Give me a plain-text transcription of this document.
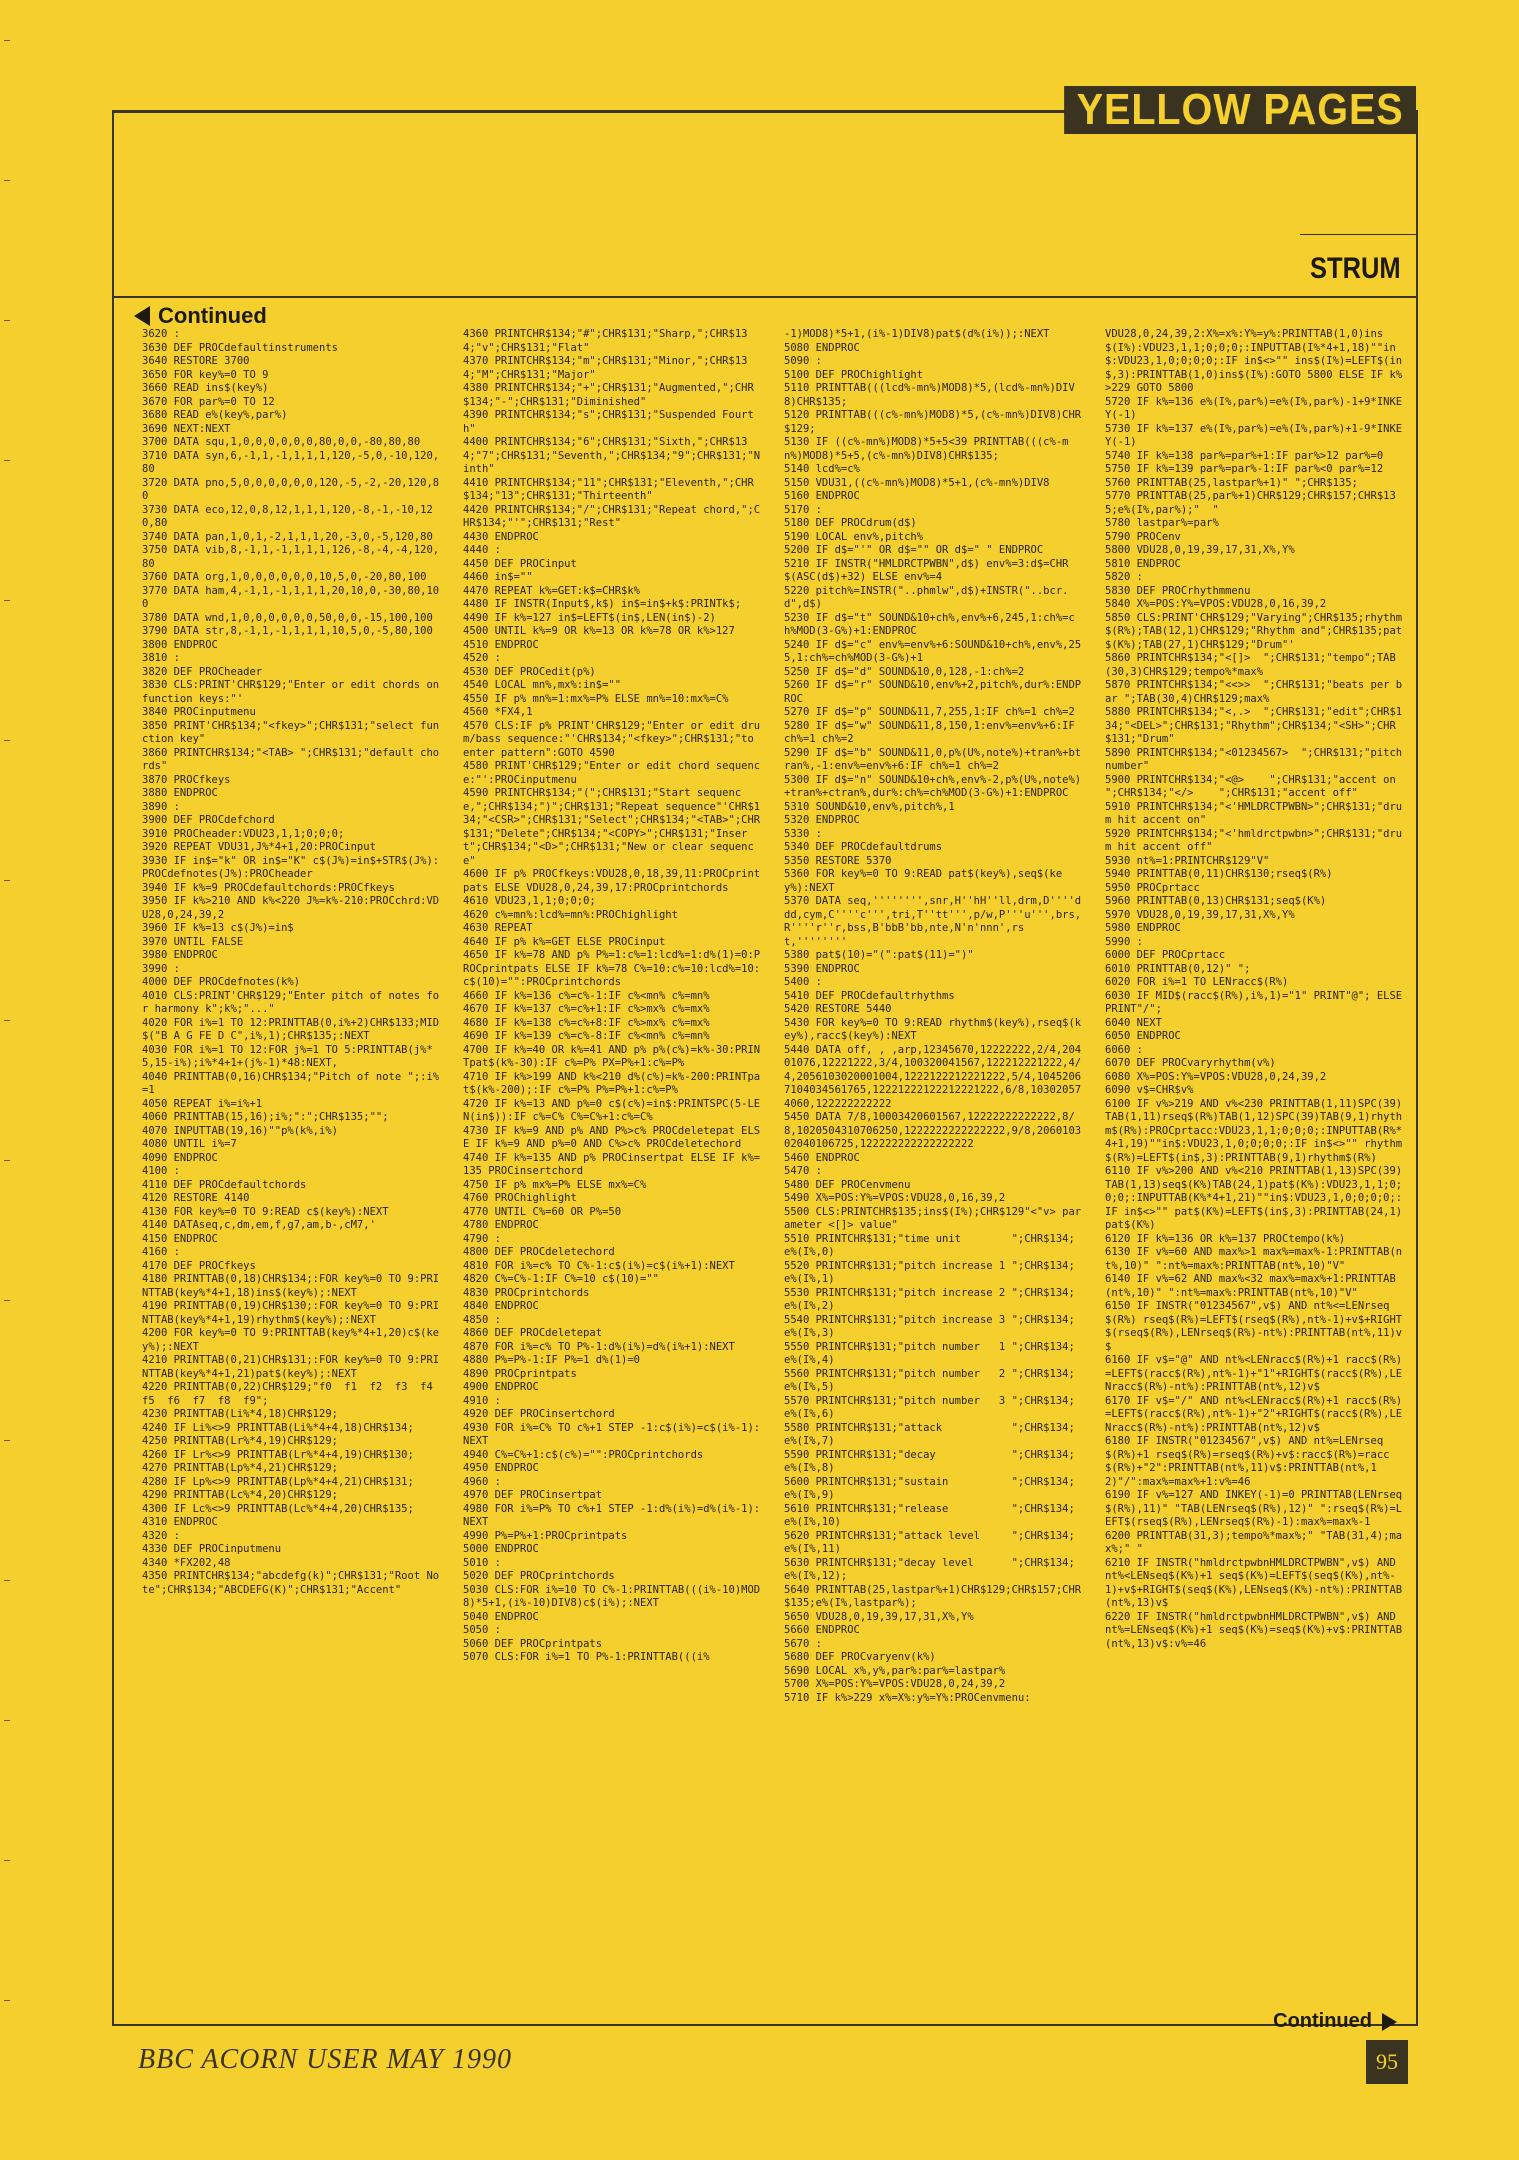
YELLOW PAGES
STRUM
Continued
3620 :
3630 DEF PROCdefaultinstruments
3640 RESTORE 3700
3650 FOR key%=0 TO 9
3660 READ ins$(key%)
3670 FOR par%=0 TO 12
3680 READ e%(key%,par%)
3690 NEXT:NEXT
3700 DATA squ,1,0,0,0,0,0,0,80,0,0,-80,80,80
3710 DATA syn,6,-1,1,-1,1,1,1,120,-5,0,-10,120,80
3720 DATA pno,5,0,0,0,0,0,0,120,-5,-2,-20,120,80
3730 DATA eco,12,0,8,12,1,1,1,120,-8,-1,-10,120,80
3740 DATA pan,1,0,1,-2,1,1,1,20,-3,0,-5,120,80
3750 DATA vib,8,-1,1,-1,1,1,1,126,-8,-4,-4,120,80
3760 DATA org,1,0,0,0,0,0,0,10,5,0,-20,80,100
3770 DATA ham,4,-1,1,-1,1,1,1,20,10,0,-30,80,100
3780 DATA wnd,1,0,0,0,0,0,0,50,0,0,-15,100,100
3790 DATA str,8,-1,1,-1,1,1,1,10,5,0,-5,80,100
3800 ENDPROC
3810 :
3820 DEF PROCheader
3830 CLS:PRINT'CHR$129;"Enter or edit chords on function keys:"'
3840 PROCinputmenu
3850 PRINT'CHR$134;"<fkey>";CHR$131;"select function key"
3860 PRINTCHR$134;"<TAB> ";CHR$131;"default chords"
3870 PROCfkeys
3880 ENDPROC
3890 :
3900 DEF PROCdefchord
3910 PROCheader:VDU23,1,1;0;0;0;
3920 REPEAT VDU31,J%*4+1,20:PROCinput
3930 IF in$="k" OR in$="K" c$(J%)=in$+STR$(J%):PROCdefnotes(J%):PROCheader
3940 IF k%=9 PROCdefaultchords:PROCfkeys
3950 IF k%>210 AND k%<220 J%=k%-210:PROCchrd:VDU28,0,24,39,2
3960 IF k%=13 c$(J%)=in$
3970 UNTIL FALSE
3980 ENDPROC
3990 :
4000 DEF PROCdefnotes(k%)
4010 CLS:PRINT'CHR$129;"Enter pitch of notes for harmony k";k%;"..."
4020 FOR i%=1 TO 12:PRINTTAB(0,i%+2)CHR$133;MID$("B A G FE D C",i%,1);CHR$135;:NEXT
4030 FOR i%=1 TO 12:FOR j%=1 TO 5:PRINTTAB(j%*5,15-i%);i%*4+1+(j%-1)*48:NEXT,
4040 PRINTTAB(0,16)CHR$134;"Pitch of note ";:i%=1
4050 REPEAT i%=i%+1
4060 PRINTTAB(15,16);i%;":";CHR$135;"";
4070 INPUTTAB(19,16)""p%(k%,i%)
4080 UNTIL i%=7
4090 ENDPROC
4100 :
4110 DEF PROCdefaultchords
4120 RESTORE 4140
4130 FOR key%=0 TO 9:READ c$(key%):NEXT
4140 DATAseq,c,dm,em,f,g7,am,b-,cM7,'
4150 ENDPROC
4160 :
4170 DEF PROCfkeys
4180 PRINTTAB(0,18)CHR$134;:FOR key%=0 TO 9:PRINTTAB(key%*4+1,18)ins$(key%);:NEXT
4190 PRINTTAB(0,19)CHR$130;:FOR key%=0 TO 9:PRINTTAB(key%*4+1,19)rhythm$(key%);:NEXT
4200 FOR key%=0 TO 9:PRINTTAB(key%*4+1,20)c$(key%);:NEXT
4210 PRINTTAB(0,21)CHR$131;:FOR key%=0 TO 9:PRINTTAB(key%*4+1,21)pat$(key%);:NEXT
4220 PRINTTAB(0,22)CHR$129;"f0  f1  f2  f3  f4  f5  f6  f7  f8  f9";
4230 PRINTTAB(Li%*4,18)CHR$129;
4240 IF Li%<>9 PRINTTAB(Li%*4+4,18)CHR$134;
4250 PRINTTAB(Lr%*4,19)CHR$129;
4260 IF Lr%<>9 PRINTTAB(Lr%*4+4,19)CHR$130;
4270 PRINTTAB(Lp%*4,21)CHR$129;
4280 IF Lp%<>9 PRINTTAB(Lp%*4+4,21)CHR$131;
4290 PRINTTAB(Lc%*4,20)CHR$129;
4300 IF Lc%<>9 PRINTTAB(Lc%*4+4,20)CHR$135;
4310 ENDPROC
4320 :
4330 DEF PROCinputmenu
4340 *FX202,48
4350 PRINTCHR$134;"abcdefg(k)";CHR$131;"Root Note";CHR$134;"ABCDEFG(K)";CHR$131;"Accent"
4360 PRINTCHR$134;"#";CHR$131;"Sharp,";CHR$134;"v";CHR$131;"Flat"
4370 PRINTCHR$134;"m";CHR$131;"Minor,";CHR$134;"M";CHR$131;"Major"
4380 PRINTCHR$134;"+";CHR$131;"Augmented,";CHR$134;"-";CHR$131;"Diminished"
4390 PRINTCHR$134;"s";CHR$131;"Suspended Fourth"
4400 PRINTCHR$134;"6";CHR$131;"Sixth,";CHR$134;"7";CHR$131;"Seventh,";CHR$134;"9";CHR$131;"Ninth"
4410 PRINTCHR$134;"11";CHR$131;"Eleventh,";CHR$134;"13";CHR$131;"Thirteenth"
4420 PRINTCHR$134;"/";CHR$131;"Repeat chord,";CHR$134;"'";CHR$131;"Rest"
4430 ENDPROC
4440 :
4450 DEF PROCinput
4460 in$=""
4470 REPEAT k%=GET:k$=CHR$k%
4480 IF INSTR(Input$,k$) in$=in$+k$:PRINTk$;
4490 IF k%=127 in$=LEFT$(in$,LEN(in$)-2)
4500 UNTIL k%=9 OR k%=13 OR k%=78 OR k%>127
4510 ENDPROC
4520 :
4530 DEF PROCedit(p%)
4540 LOCAL mn%,mx%:in$=""
4550 IF p% mn%=1:mx%=P% ELSE mn%=10:mx%=C%
4560 *FX4,1
4570 CLS:IF p% PRINT'CHR$129;"Enter or edit drum/bass sequence:"'CHR$134;"<fkey>";CHR$131;"to enter pattern":GOTO 4590
4580 PRINT'CHR$129;"Enter or edit chord sequence:"':PROCinputmenu
4590 PRINTCHR$134;"(";CHR$131;"Start sequence,";CHR$134;")";CHR$131;"Repeat sequence"'CHR$134;"<CSR>";CHR$131;"Select";CHR$134;"<TAB>";CHR$131;"Delete";CHR$134;"<COPY>";CHR$131;"Insert";CHR$134;"<D>";CHR$131;"New or clear sequence"
4600 IF p% PROCfkeys:VDU28,0,18,39,11:PROCprintpats ELSE VDU28,0,24,39,17:PROCprintchords
4610 VDU23,1,1;0;0;0;
4620 c%=mn%:lcd%=mn%:PROChighlight
4630 REPEAT
4640 IF p% k%=GET ELSE PROCinput
4650 IF k%=78 AND p% P%=1:c%=1:lcd%=1:d%(1)=0:PROCprintpats ELSE IF k%=78 C%=10:c%=10:lcd%=10:c$(10)="":PROCprintchords
4660 IF k%=136 c%=c%-1:IF c%<mn% c%=mn%
4670 IF k%=137 c%=c%+1:IF c%>mx% c%=mx%
4680 IF k%=138 c%=c%+8:IF c%>mx% c%=mx%
4690 IF k%=139 c%=c%-8:IF c%<mn% c%=mn%
4700 IF k%=40 OR k%=41 AND p% p%(c%)=k%-30:PRINTpat$(k%-30):IF c%=P% PX=P%+1:c%=P%
4710 IF k%>199 AND k%<210 d%(c%)=k%-200:PRINTpat$(k%-200);:IF c%=P% P%=P%+1:c%=P%
4720 IF k%=13 AND p%=0 c$(c%)=in$:PRINTSPC(5-LEN(in$)):IF c%=C% C%=C%+1:c%=C%
4730 IF k%=9 AND p% AND P%>c% PROCdeletepat ELSE IF k%=9 AND p%=0 AND C%>c% PROCdeletechord
4740 IF k%=135 AND p% PROCinsertpat ELSE IF k%=135 PROCinsertchord
4750 IF p% mx%=P% ELSE mx%=C%
4760 PROChighlight
4770 UNTIL C%=60 OR P%=50
4780 ENDPROC
4790 :
4800 DEF PROCdeletechord
4810 FOR i%=c% TO C%-1:c$(i%)=c$(i%+1):NEXT
4820 C%=C%-1:IF C%=10 c$(10)=""
4830 PROCprintchords
4840 ENDPROC
4850 :
4860 DEF PROCdeletepat
4870 FOR i%=c% TO P%-1:d%(i%)=d%(i%+1):NEXT
4880 P%=P%-1:IF P%=1 d%(1)=0
4890 PROCprintpats
4900 ENDPROC
4910 :
4920 DEF PROCinsertchord
4930 FOR i%=C% TO c%+1 STEP -1:c$(i%)=c$(i%-1):NEXT
4940 C%=C%+1:c$(c%)="":PROCprintchords
4950 ENDPROC
4960 :
4970 DEF PROCinsertpat
4980 FOR i%=P% TO c%+1 STEP -1:d%(i%)=d%(i%-1):NEXT
4990 P%=P%+1:PROCprintpats
5000 ENDPROC
5010 :
5020 DEF PROCprintchords
5030 CLS:FOR i%=10 TO C%-1:PRINTTAB(((i%-10)MOD8)*5+1,(i%-10)DIV8)c$(i%);:NEXT
5040 ENDPROC
5050 :
5060 DEF PROCprintpats
5070 CLS:FOR i%=1 TO P%-1:PRINTTAB(((i%
-1)MOD8)*5+1,(i%-1)DIV8)pat$(d%(i%));:NEXT
5080 ENDPROC
5090 :
5100 DEF PROChighlight
5110 PRINTTAB(((lcd%-mn%)MOD8)*5,(lcd%-mn%)DIV8)CHR$135;
5120 PRINTTAB(((c%-mn%)MOD8)*5,(c%-mn%)DIV8)CHR$129;
5130 IF ((c%-mn%)MOD8)*5+5<39 PRINTTAB(((c%-mn%)MOD8)*5+5,(c%-mn%)DIV8)CHR$135;
5140 lcd%=c%
5150 VDU31,((c%-mn%)MOD8)*5+1,(c%-mn%)DIV8
5160 ENDPROC
5170 :
5180 DEF PROCdrum(d$)
5190 LOCAL env%,pitch%
5200 IF d$="'" OR d$="" OR d$=" " ENDPROC
5210 IF INSTR("HMLDRCTPWBN",d$) env%=3:d$=CHR$(ASC(d$)+32) ELSE env%=4
5220 pitch%=INSTR("..phmlw",d$)+INSTR("..bcr.d",d$)
5230 IF d$="t" SOUND&10+ch%,env%+6,245,1:ch%=ch%MOD(3-G%)+1:ENDPROC
5240 IF d$="c" env%=env%+6:SOUND&10+ch%,env%,255,1:ch%=ch%MOD(3-G%)+1
5250 IF d$="d" SOUND&10,0,128,-1:ch%=2
5260 IF d$="r" SOUND&10,env%+2,pitch%,dur%:ENDPROC
5270 IF d$="p" SOUND&11,7,255,1:IF ch%=1 ch%=2
5280 IF d$="w" SOUND&11,8,150,1:env%=env%+6:IF ch%=1 ch%=2
5290 IF d$="b" SOUND&11,0,p%(U%,note%)+tran%+btran%,-1:env%=env%+6:IF ch%=1 ch%=2
5300 IF d$="n" SOUND&10+ch%,env%-2,p%(U%,note%)+tran%+ctran%,dur%:ch%=ch%MOD(3-G%)+1:ENDPROC
5310 SOUND&10,env%,pitch%,1
5320 ENDPROC
5330 :
5340 DEF PROCdefaultdrums
5350 RESTORE 5370
5360 FOR key%=0 TO 9:READ pat$(key%),seq$(key%):NEXT
5370 DATA seq,'''''''',snr,H''hH''ll,drm,D''''ddd,cym,C''''c''',tri,T''tt''',p/w,P'''u''',brs,R''''r''r,bss,B'bbB'bb,nte,N'n'nnn',rst,''''''''
5380 pat$(10)="(":pat$(11)=")"
5390 ENDPROC
5400 :
5410 DEF PROCdefaultrhythms
5420 RESTORE 5440
5430 FOR key%=0 TO 9:READ rhythm$(key%),rseq$(key%),racc$(key%):NEXT
5440 DATA off, , ,arp,12345670,12222222,2/4,20401076,12221222,3/4,100320041567,122212221222,4/4,2056103020001004,1222122212221222,5/4,10452067104034561765,12221222122212221222,6/8,103020574060,122222222222
5450 DATA 7/8,10003420601567,12222222222222,8/8,1020504310706250,1222222222222222,9/8,206010302040106725,122222222222222222
5460 ENDPROC
5470 :
5480 DEF PROCenvmenu
5490 X%=POS:Y%=VPOS:VDU28,0,16,39,2
5500 CLS:PRINTCHR$135;ins$(I%);CHR$129"<"v> parameter <[]> value"
5510 PRINTCHR$131;"time unit        ";CHR$134;e%(I%,0)
5520 PRINTCHR$131;"pitch increase 1 ";CHR$134;e%(I%,1)
5530 PRINTCHR$131;"pitch increase 2 ";CHR$134;e%(I%,2)
5540 PRINTCHR$131;"pitch increase 3 ";CHR$134;e%(I%,3)
5550 PRINTCHR$131;"pitch number   1 ";CHR$134;e%(I%,4)
5560 PRINTCHR$131;"pitch number   2 ";CHR$134;e%(I%,5)
5570 PRINTCHR$131;"pitch number   3 ";CHR$134;e%(I%,6)
5580 PRINTCHR$131;"attack           ";CHR$134;e%(I%,7)
5590 PRINTCHR$131;"decay            ";CHR$134;e%(I%,8)
5600 PRINTCHR$131;"sustain          ";CHR$134;e%(I%,9)
5610 PRINTCHR$131;"release          ";CHR$134;e%(I%,10)
5620 PRINTCHR$131;"attack level     ";CHR$134;e%(I%,11)
5630 PRINTCHR$131;"decay level      ";CHR$134;e%(I%,12);
5640 PRINTTAB(25,lastpar%+1)CHR$129;CHR$157;CHR$135;e%(I%,lastpar%);
5650 VDU28,0,19,39,17,31,X%,Y%
5660 ENDPROC
5670 :
5680 DEF PROCvaryenv(k%)
5690 LOCAL x%,y%,par%:par%=lastpar%
5700 X%=POS:Y%=VPOS:VDU28,0,24,39,2
5710 IF k%>229 x%=X%:y%=Y%:PROCenvmenu:
VDU28,0,24,39,2:X%=x%:Y%=y%:PRINTTAB(1,0)ins$(I%):VDU23,1,1;0;0;0;:INPUTTAB(I%*4+1,18)""in$:VDU23,1,0;0;0;0;:IF in$<>"" ins$(I%)=LEFT$(in$,3):PRINTTAB(1,0)ins$(I%):GOTO 5800 ELSE IF k%>229 GOTO 5800
5720 IF k%=136 e%(I%,par%)=e%(I%,par%)-1+9*INKEY(-1)
5730 IF k%=137 e%(I%,par%)=e%(I%,par%)+1-9*INKEY(-1)
5740 IF k%=138 par%=par%+1:IF par%>12 par%=0
5750 IF k%=139 par%=par%-1:IF par%<0 par%=12
5760 PRINTTAB(25,lastpar%+1)" ";CHR$135;
5770 PRINTTAB(25,par%+1)CHR$129;CHR$157;CHR$135;e%(I%,par%);"  "
5780 lastpar%=par%
5790 PROCenv
5800 VDU28,0,19,39,17,31,X%,Y%
5810 ENDPROC
5820 :
5830 DEF PROCrhythmmenu
5840 X%=POS:Y%=VPOS:VDU28,0,16,39,2
5850 CLS:PRINT'CHR$129;"Varying";CHR$135;rhythm$(R%);TAB(12,1)CHR$129;"Rhythm and";CHR$135;pat$(K%);TAB(27,1)CHR$129;"Drum"'
5860 PRINTCHR$134;"<[]>  ";CHR$131;"tempo";TAB(30,3)CHR$129;tempo%*max%
5870 PRINTCHR$134;"<<>>  ";CHR$131;"beats per bar ";TAB(30,4)CHR$129;max%
5880 PRINTCHR$134;"<,.>  ";CHR$131;"edit";CHR$134;"<DEL>";CHR$131;"Rhythm";CHR$134;"<SH>";CHR$131;"Drum"
5890 PRINTCHR$134;"<01234567>  ";CHR$131;"pitch number"
5900 PRINTCHR$134;"<@>    ";CHR$131;"accent on  ";CHR$134;"</>    ";CHR$131;"accent off"
5910 PRINTCHR$134;"<'HMLDRCTPWBN>";CHR$131;"drum hit accent on"
5920 PRINTCHR$134;"<'hmldrctpwbn>";CHR$131;"drum hit accent off"
5930 nt%=1:PRINTCHR$129"V"
5940 PRINTTAB(0,11)CHR$130;rseq$(R%)
5950 PROCprtacc
5960 PRINTTAB(0,13)CHR$131;seq$(K%)
5970 VDU28,0,19,39,17,31,X%,Y%
5980 ENDPROC
5990 :
6000 DEF PROCprtacc
6010 PRINTTAB(0,12)" ";
6020 FOR i%=1 TO LENracc$(R%)
6030 IF MID$(racc$(R%),i%,1)="1" PRINT"@"; ELSE PRINT"/";
6040 NEXT
6050 ENDPROC
6060 :
6070 DEF PROCvaryrhythm(v%)
6080 X%=POS:Y%=VPOS:VDU28,0,24,39,2
6090 v$=CHR$v%
6100 IF v%>219 AND v%<230 PRINTTAB(1,11)SPC(39)TAB(1,11)rseq$(R%)TAB(1,12)SPC(39)TAB(9,1)rhythm$(R%):PROCprtacc:VDU23,1,1;0;0;0;:INPUTTAB(R%*4+1,19)""in$:VDU23,1,0;0;0;0;:IF in$<>"" rhythm$(R%)=LEFT$(in$,3):PRINTTAB(9,1)rhythm$(R%)
6110 IF v%>200 AND v%<210 PRINTTAB(1,13)SPC(39)TAB(1,13)seq$(K%)TAB(24,1)pat$(K%):VDU23,1,1;0;0;0;:INPUTTAB(K%*4+1,21)""in$:VDU23,1,0;0;0;0;:IF in$<>"" pat$(K%)=LEFT$(in$,3):PRINTTAB(24,1)pat$(K%)
6120 IF k%=136 OR k%=137 PROCtempo(k%)
6130 IF v%=60 AND max%>1 max%=max%-1:PRINTTAB(nt%,10)" ":nt%=max%:PRINTTAB(nt%,10)"V"
6140 IF v%=62 AND max%<32 max%=max%+1:PRINTTAB(nt%,10)" ":nt%=max%:PRINTTAB(nt%,10)"V"
6150 IF INSTR("01234567",v$) AND nt%<=LENrseq$(R%) rseq$(R%)=LEFT$(rseq$(R%),nt%-1)+v$+RIGHT$(rseq$(R%),LENrseq$(R%)-nt%):PRINTTAB(nt%,11)v$
6160 IF v$="@" AND nt%<LENracc$(R%)+1 racc$(R%)=LEFT$(racc$(R%),nt%-1)+"1"+RIGHT$(racc$(R%),LENracc$(R%)-nt%):PRINTTAB(nt%,12)v$
6170 IF v$="/" AND nt%<LENracc$(R%)+1 racc$(R%)=LEFT$(racc$(R%),nt%-1)+"2"+RIGHT$(racc$(R%),LENracc$(R%)-nt%):PRINTTAB(nt%,12)v$
6180 IF INSTR("01234567",v$) AND nt%=LENrseq$(R%)+1 rseq$(R%)=rseq$(R%)+v$:racc$(R%)=racc$(R%)+"2":PRINTTAB(nt%,11)v$:PRINTTAB(nt%,12)"/":max%=max%+1:v%=46
6190 IF v%=127 AND INKEY(-1)=0 PRINTTAB(LENrseq$(R%),11)" "TAB(LENrseq$(R%),12)" ":rseq$(R%)=LEFT$(rseq$(R%),LENrseq$(R%)-1):max%=max%-1
6200 PRINTTAB(31,3);tempo%*max%;" "TAB(31,4);max%;" "
6210 IF INSTR("hmldrctpwbnHMLDRCTPWBN",v$) AND nt%<LENseq$(K%)+1 seq$(K%)=LEFT$(seq$(K%),nt%-1)+v$+RIGHT$(seq$(K%),LENseq$(K%)-nt%):PRINTTAB(nt%,13)v$
6220 IF INSTR("hmldrctpwbnHMLDRCTPWBN",v$) AND nt%=LENseq$(K%)+1 seq$(K%)=seq$(K%)+v$:PRINTTAB(nt%,13)v$:v%=46
Continued
BBC ACORN USER MAY 1990	95
